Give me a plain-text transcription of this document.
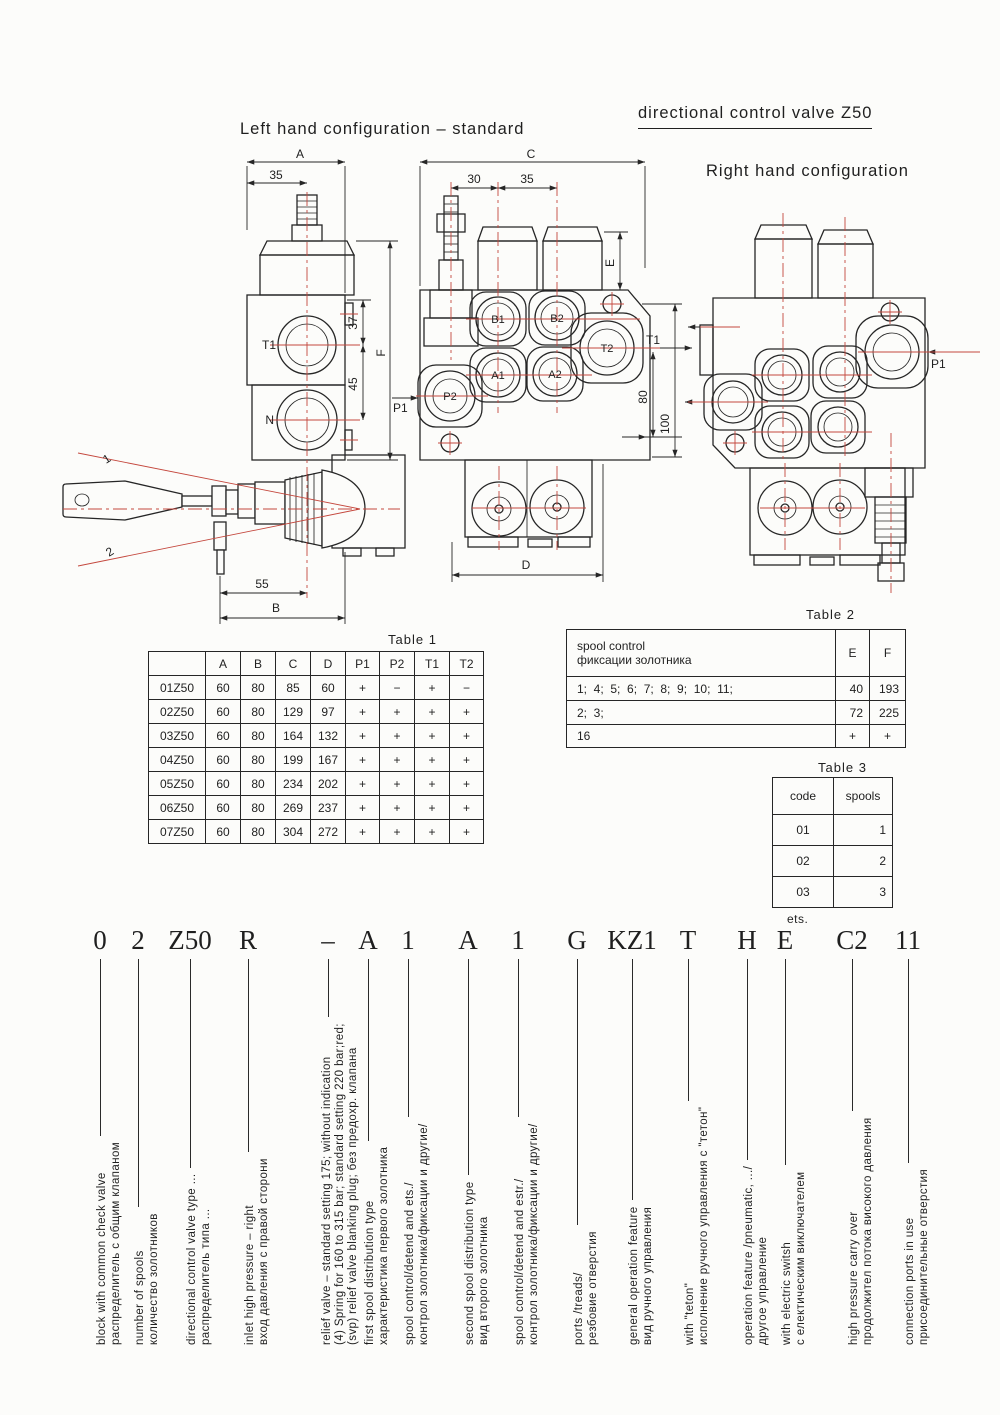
Left hand configuration – standard
directional control valve Z50
Right hand configuration
A
35
37
45
F
T1
N
55
B
1
2
C
30	35
E
80
100
D
B1	B2
A1	A2
P2
T2
T1
P1
P1
Table 1
	A	B	C	D	P1	P2	T1	T2
01Z50	60	80	85	60	+	−	+	−
02Z50	60	80	129	97	+	+	+	+
03Z50	60	80	164	132	+	+	+	+
04Z50	60	80	199	167	+	+	+	+
05Z50	60	80	234	202	+	+	+	+
06Z50	60	80	269	237	+	+	+	+
07Z50	60	80	304	272	+	+	+	+
Table 2
spool control
фиксации золотника	E	F
1;  4;  5;  6;  7;  8;  9;  10;  11;	40	193
2;  3;	72	225
16	+	+
Table 3
code	spools
01	1
02	2
03	3
ets.
0
block with common check valve распределитель с общим клапаном
2
number of spools количество золотников
Z50
directional control valve type ... распределитель типа ...
R
inlet high pressure – right вход давления с правой сторони
–
relief valve – standard setting 175; without indication (4) Spring for 160 to 315 bar; standard setting 220 bar;red; (svp) relief valve blanking plug; без предохр. клапана
A
first spool distribution type характеристика первого золотника
1
spool control/detend and ets./ контрол золотника/фиксации и другие/
A
second spool distribution type вид второго золотника
1
spool control/detend and estr./ контрол золотника/фиксации и другие/
G
ports /treads/ резбовие отверстия
KZ1
general operation feature вид ручного управления
T
with "teton" исполнение ручного управления с "тетон"
H
operation feature /pneumatic, .../ другое управление
E
with electric switsh с електическим виключателем
C2
high pressure carry over продолжител потока високого давления
11
connection ports in use присоединительные отверстия
